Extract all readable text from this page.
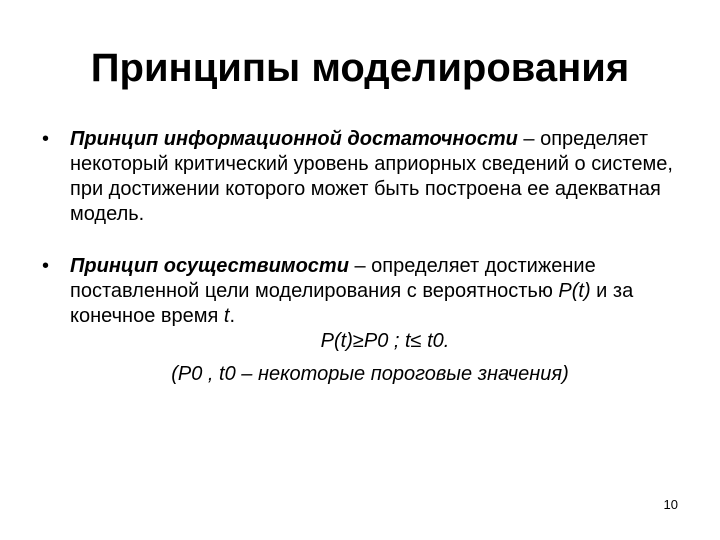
Принципы моделирования
• Принцип информационной достаточности – определяет некоторый критический уровень априорных сведений о системе, при достижении которого может быть построена ее адекватная модель.
• Принцип осуществимости – определяет достижение поставленной цели моделирования с вероятностью P(t) и за конечное время t.
P(t)≥P0 ; t≤ t0.
(P0 , t0 – некоторые пороговые значения)
10
